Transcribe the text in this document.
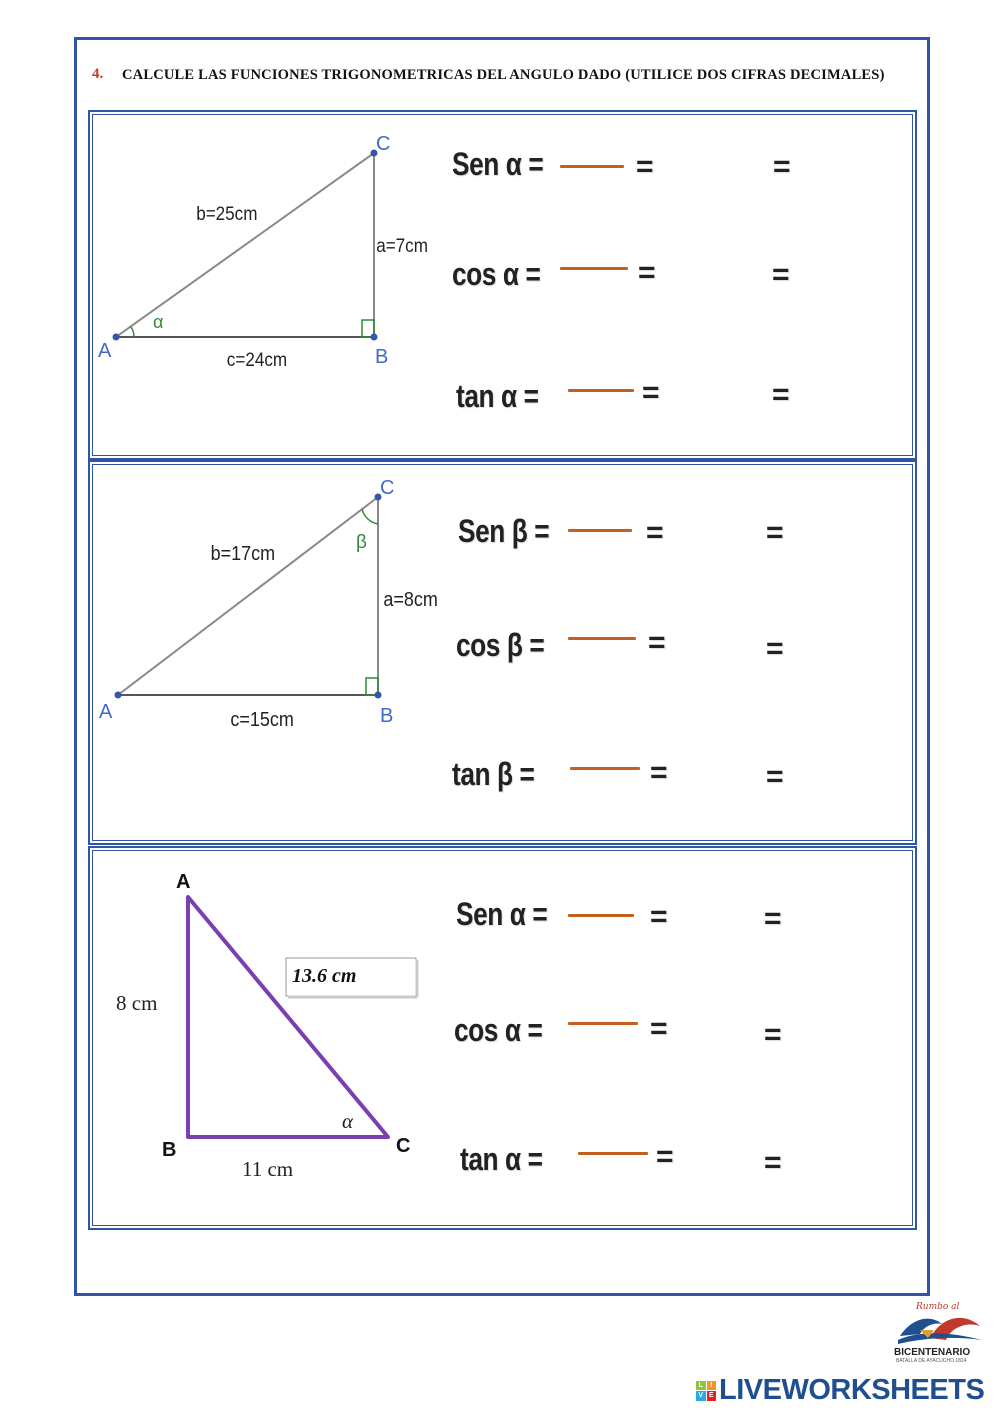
4. CALCULE LAS FUNCIONES TRIGONOMETRICAS DEL ANGULO DADO (UTILICE DOS CIFRAS DECIMALES)
A
C
B
b=25cm
a=7cm
c=24cm
α
Sen α =	=	=
cos α =	=	=
tan α =	=	=
A
C
B
b=17cm
a=8cm
c=15cm
β	Sen β =	=	=
cos β =	=	=
tan β =	=	=
13.6 cm
A
B	C
8 cm
11 cm
α
Sen α =	=	=
cos α =	=	=
tan α =	=	=
Rumbo al
BICENTENARIO
BATALLA DE AYACUCHO 1824
L	I
V E LIVEWORKSHEETS
